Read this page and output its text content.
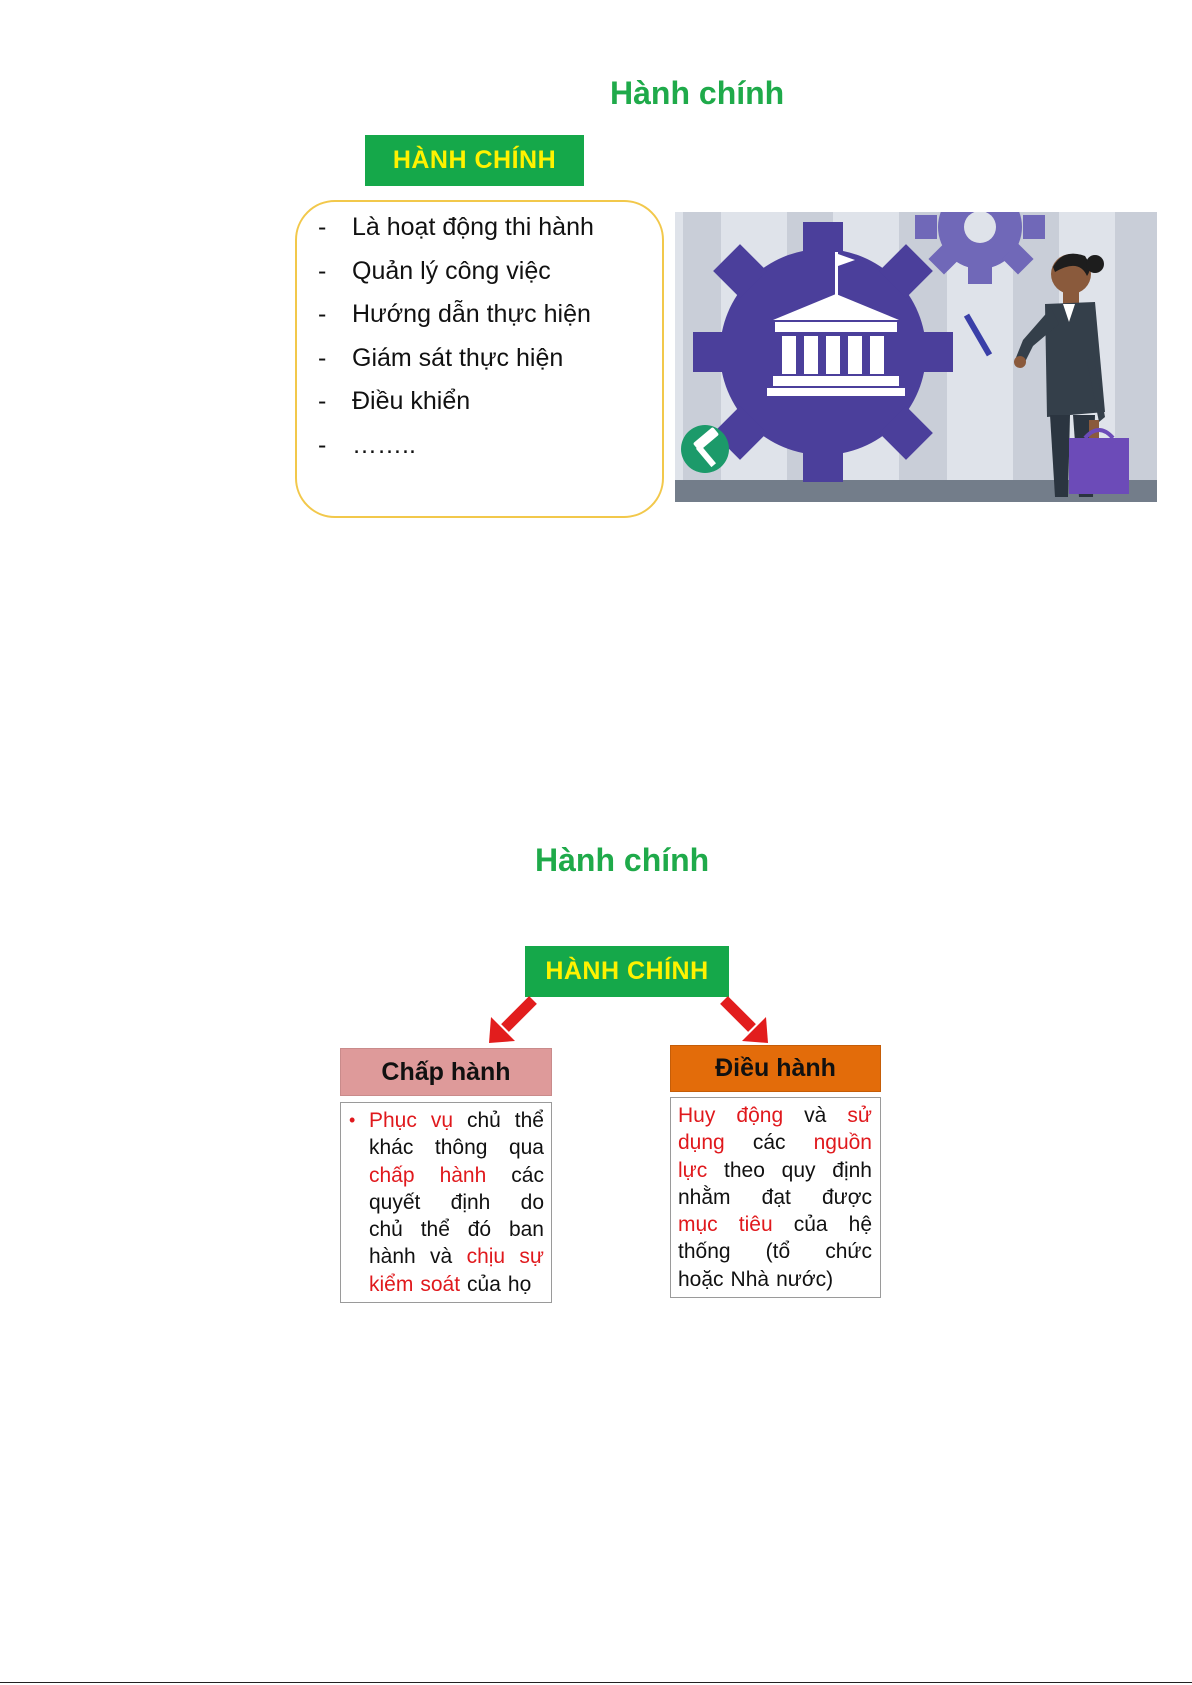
Hành chính
HÀNH CHÍNH
- Là hoạt động thi hành
- Quản lý công việc
- Hướng dẫn thực hiện
- Giám sát thực hiện
- Điều khiển
- ……..
Hành chính
HÀNH CHÍNH
Chấp hành
• Phục vụ chủ thể
khác thông qua
chấp hành các
quyết định do
chủ thể đó ban
hành và chịu sự
kiểm soát của họ
Điều hành
Huy động và sử
dụng các nguồn
lực theo quy định
nhằm đạt được
mục tiêu của hệ
thống (tổ chức
hoặc Nhà nước)
